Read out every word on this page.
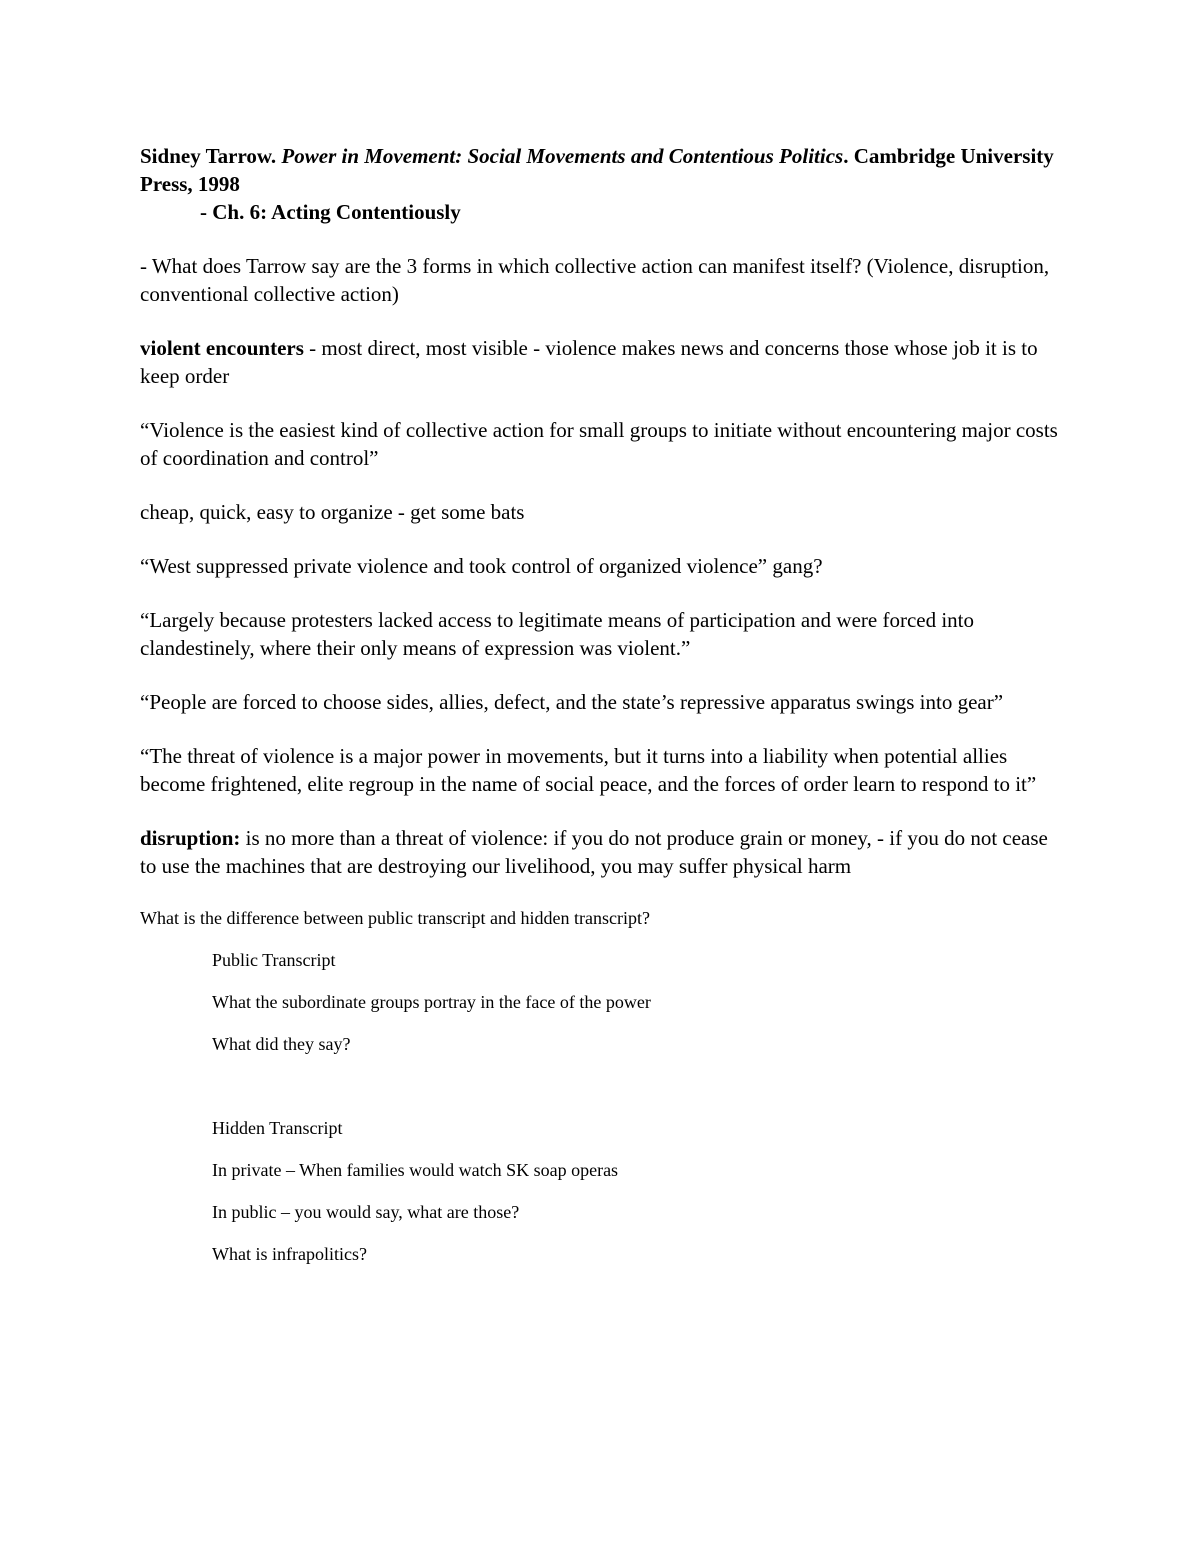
Sidney Tarrow. Power in Movement: Social Movements and Contentious Politics. Cambridge University Press, 1998

- Ch. 6: Acting Contentiously

- What does Tarrow say are the 3 forms in which collective action can manifest itself? (Violence, disruption, conventional collective action)

violent encounters - most direct, most visible - violence makes news and concerns those whose job it is to keep order

“Violence is the easiest kind of collective action for small groups to initiate without encountering major costs of coordination and control”

cheap, quick, easy to organize - get some bats

“West suppressed private violence and took control of organized violence” gang?

“Largely because protesters lacked access to legitimate means of participation and were forced into clandestinely, where their only means of expression was violent.”

“People are forced to choose sides, allies, defect, and the state’s repressive apparatus swings into gear”

“The threat of violence is a major power in movements, but it turns into a liability when potential allies become frightened, elite regroup in the name of social peace, and the forces of order learn to respond to it”

disruption: is no more than a threat of violence: if you do not produce grain or money, - if you do not cease to use the machines that are destroying our livelihood, you may suffer physical harm

What is the difference between public transcript and hidden transcript?

Public Transcript

What the subordinate groups portray in the face of the power

What did they say?

Hidden Transcript

In private – When families would watch SK soap operas

In public – you would say, what are those?

What is infrapolitics?
